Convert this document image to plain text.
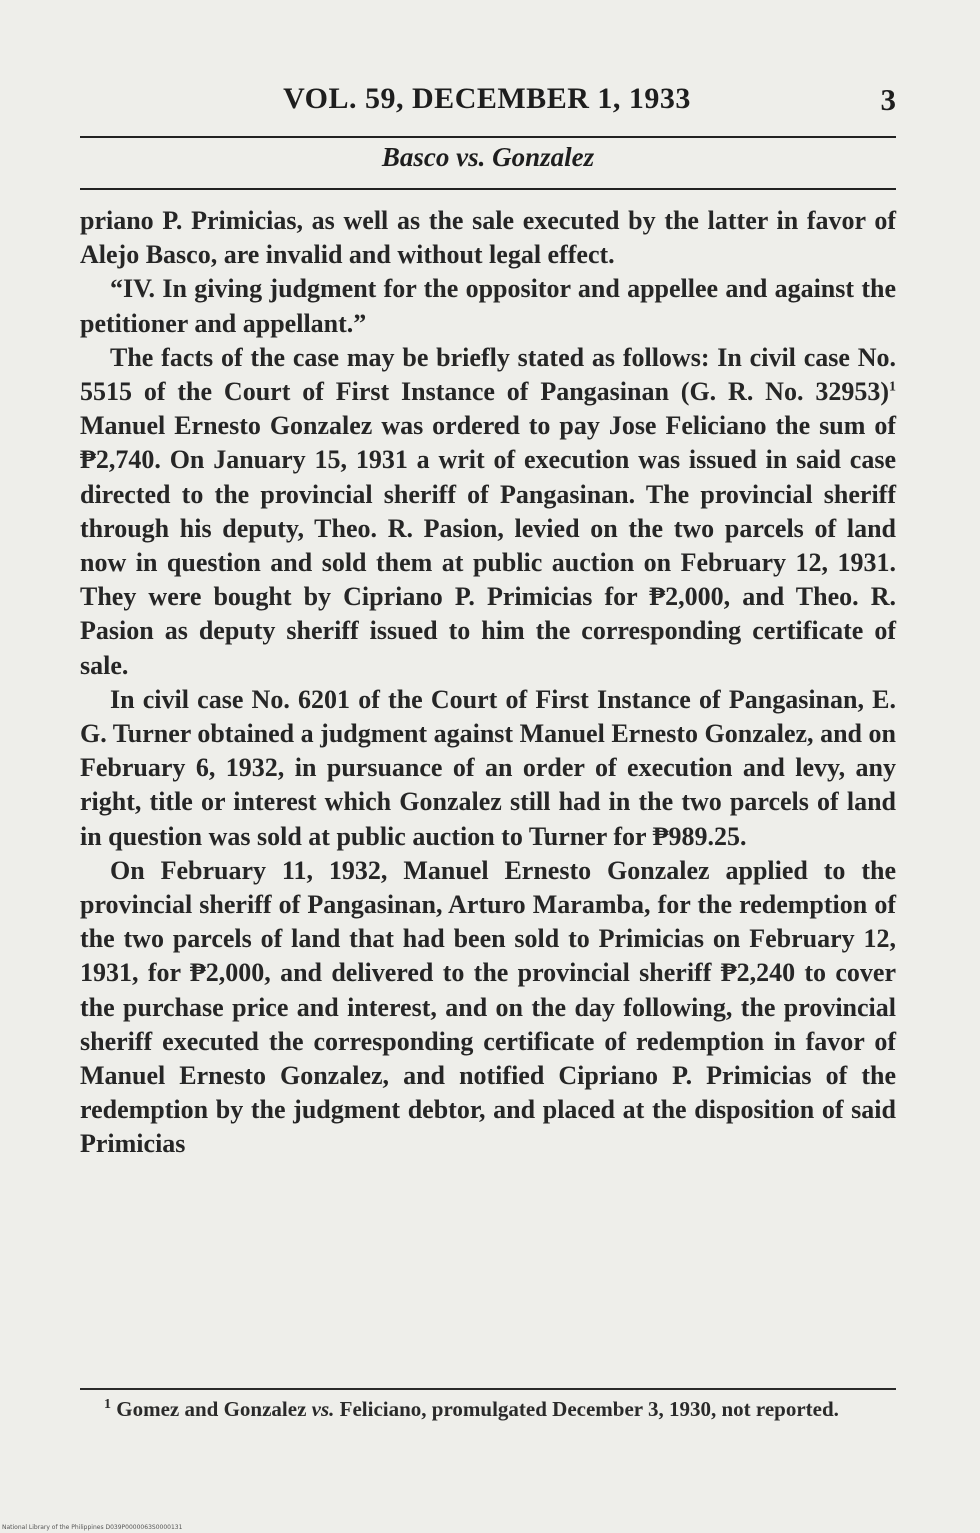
VOL. 59, DECEMBER 1, 1933	3
Basco vs. Gonzalez

priano P. Primicias, as well as the sale executed by the latter in favor of Alejo Basco, are invalid and without legal effect.

“IV. In giving judgment for the oppositor and appellee and against the petitioner and appellant.”

The facts of the case may be briefly stated as follows: In civil case No. 5515 of the Court of First Instance of Pangasinan (G. R. No. 32953)$^1$ Manuel Ernesto Gonzalez was ordered to pay Jose Feliciano the sum of ₱2,740. On January 15, 1931 a writ of execution was issued in said case directed to the provincial sheriff of Pangasinan. The provincial sheriff through his deputy, Theo. R. Pasion, levied on the two parcels of land now in question and sold them at public auction on February 12, 1931. They were bought by Cipriano P. Primicias for ₱2,000, and Theo. R. Pasion as deputy sheriff issued to him the corresponding certificate of sale.

In civil case No. 6201 of the Court of First Instance of Pangasinan, E. G. Turner obtained a judgment against Manuel Ernesto Gonzalez, and on February 6, 1932, in pursuance of an order of execution and levy, any right, title or interest which Gonzalez still had in the two parcels of land in question was sold at public auction to Turner for ₱989.25.

On February 11, 1932, Manuel Ernesto Gonzalez applied to the provincial sheriff of Pangasinan, Arturo Maramba, for the redemption of the two parcels of land that had been sold to Primicias on February 12, 1931, for ₱2,000, and delivered to the provincial sheriff ₱2,240 to cover the purchase price and interest, and on the day following, the provincial sheriff executed the corresponding certificate of redemption in favor of Manuel Ernesto Gonzalez, and notified Cipriano P. Primicias of the redemption by the judgment debtor, and placed at the disposition of said Primicias

$^1$ Gomez and Gonzalez vs. Feliciano, promulgated December 3, 1930, not reported.
National Library of the Philippines D039P0000063S0000131
